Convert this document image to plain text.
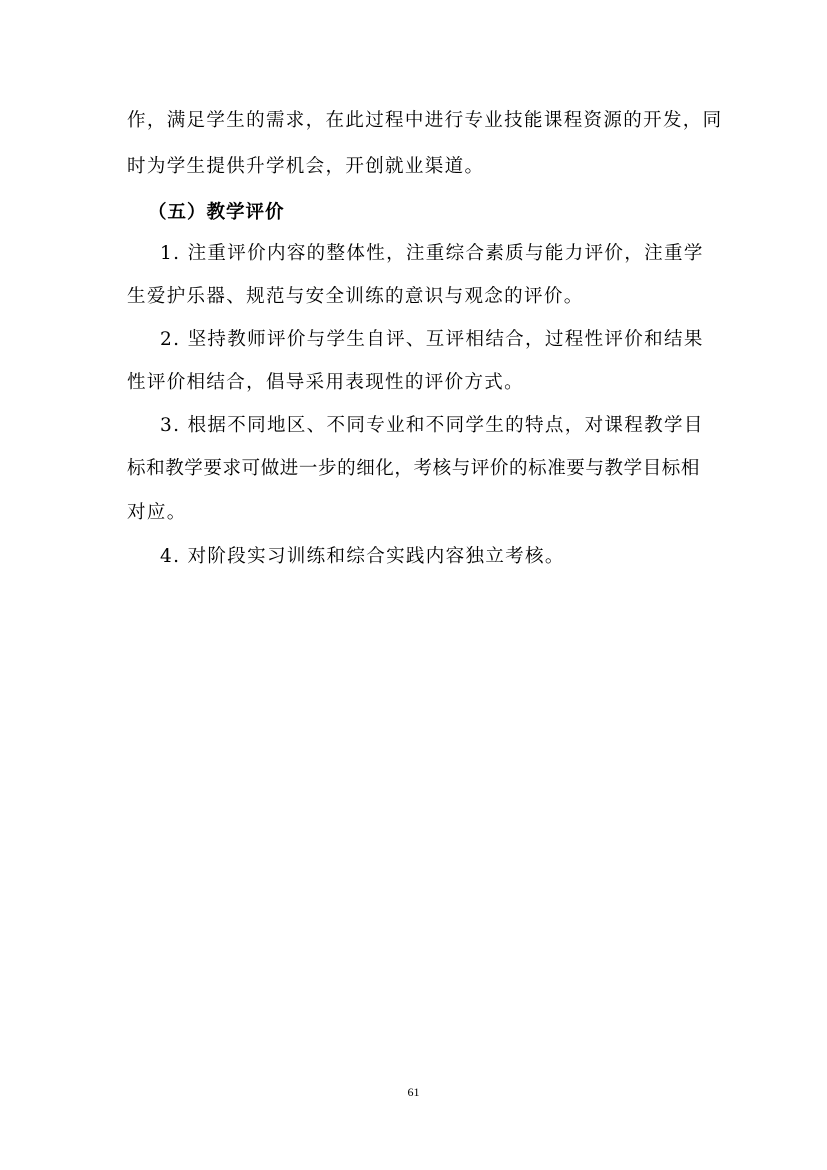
作，满足学生的需求，在此过程中进行专业技能课程资源的开发，同
时为学生提供升学机会，开创就业渠道。
（五）教学评价
1. 注重评价内容的整体性，注重综合素质与能力评价，注重学
生爱护乐器、规范与安全训练的意识与观念的评价。
2. 坚持教师评价与学生自评、互评相结合，过程性评价和结果
性评价相结合，倡导采用表现性的评价方式。
3. 根据不同地区、不同专业和不同学生的特点，对课程教学目
标和教学要求可做进一步的细化，考核与评价的标准要与教学目标相
对应。
4. 对阶段实习训练和综合实践内容独立考核。
61
